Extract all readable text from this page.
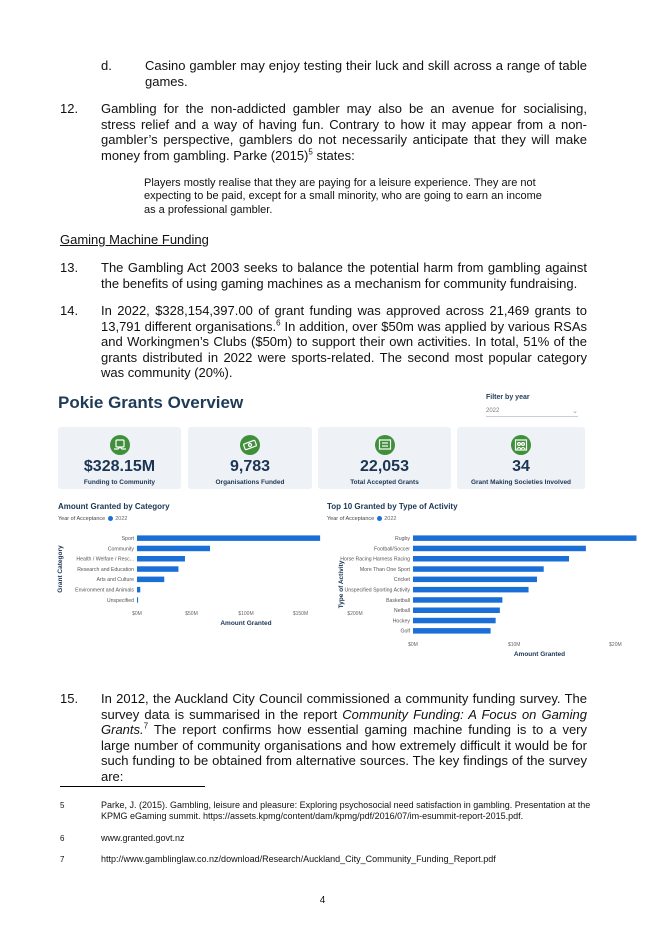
d.	Casino gambler may enjoy testing their luck and skill across a range of table games.
12. Gambling for the non-addicted gambler may also be an avenue for socialising, stress relief and a way of having fun. Contrary to how it may appear from a non-gambler’s perspective, gamblers do not necessarily anticipate that they will make money from gambling. Parke $(2015)^5$ states:
Players mostly realise that they are paying for a leisure experience. They are not expecting to be paid, except for a small minority, who are going to earn an income as a professional gambler.
Gaming Machine Funding
13. The Gambling Act 2003 seeks to balance the potential harm from gambling against the benefits of using gaming machines as a mechanism for community fundraising.
14. In 2022, $328,154,397.00 of grant funding was approved across 21,469 grants to 13,791 different organisations.$^6$ In addition, over $50m was applied by various RSAs and Workingmen’s Clubs ($50m) to support their own activities. In total, 51% of the grants distributed in 2022 were sports-related. The second most popular category was community (20%).
Pokie Grants Overview	Filter by year
2022	⌄
$328.15M
Funding to Community
9,783
Organisations Funded
22,053
Total Accepted Grants
34
Grant Making Societies Involved
Amount Granted by Category
Year of Acceptance 2022
Top 10 Granted by Type of Activity
Year of Acceptance 2022
Sport
Community
Health / Welfare / Resc...
Research and Education
Arts and Culture
Environment and Animals
Unspecified
Grant Category
$0M	$50M	$100M	$150M	$200M
Amount Granted
Rugby
Football/Soccer
Horse Racing Harness Racing
More Than One Sport
Cricket
Unspecified Sporting Activity
Basketball
Netball
Hockey
Golf
Type of Activity
$0M	$10M	$20M
Amount Granted
15. In 2012, the Auckland City Council commissioned a community funding survey. The survey data is summarised in the report Community Funding: A Focus on Gaming Grants.$^7$ The report confirms how essential gaming machine funding is to a very large number of community organisations and how extremely difficult it would be for such funding to be obtained from alternative sources. The key findings of the survey are:
5	Parke, J. (2015). Gambling, leisure and pleasure: Exploring psychosocial need satisfaction in gambling. Presentation at the KPMG eGaming summit. https://assets.kpmg/content/dam/kpmg/pdf/2016/07/im-esummit-report-2015.pdf.
6	www.granted.govt.nz
7	http://www.gamblinglaw.co.nz/download/Research/Auckland_City_Community_Funding_Report.pdf
4
